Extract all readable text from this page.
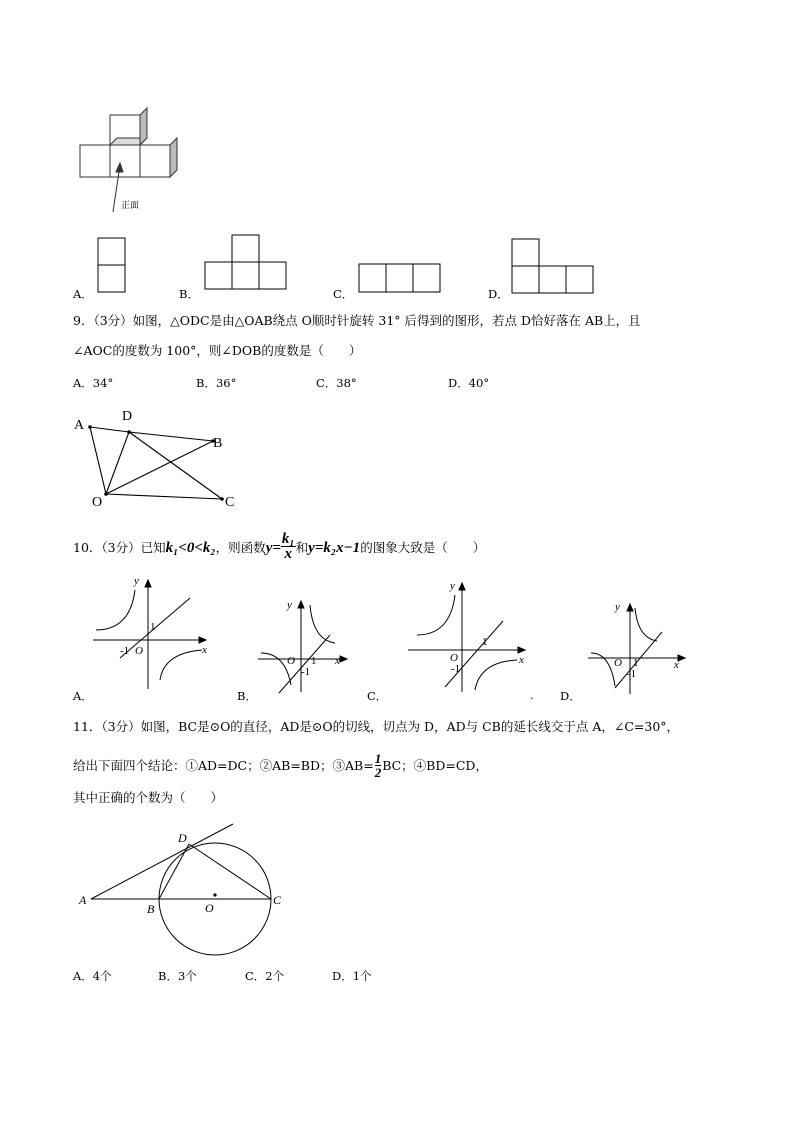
正面
A．	B．	C．	D．
9．（3分）如图，△ODC是由△OAB绕点 O顺时针旋转 31° 后得到的图形，若点 D恰好落在 AB上，且
∠AOC的度数为 100°，则∠DOB的度数是（　　）
A．34°	B．36°	C．38°	D．40°
A
D
B
O	C
10．（3分）已知k₁<0<k₂，则函数$y= \frac{\text{k₁}}{x}$ 和y=k₂x−1的图象大致是（　　）
y
x
O
1
-1
A．
y
x
O 1
-1
B．
y
x
O
1
-1
C．	.
y
x
O 1
-1
D．
11．（3分）如图，BC是⊙O的直径，AD是⊙O的切线，切点为 D，AD与 CB的延长线交于点 A，∠C=30°，
给出下面四个结论：①AD=DC；②AB=BD；③AB= $\frac{1}{2}$ BC；④BD=CD，
其中正确的个数为（　　）
A
B	O
C
D
A．4个	B．3个	C．2个	D．1个
